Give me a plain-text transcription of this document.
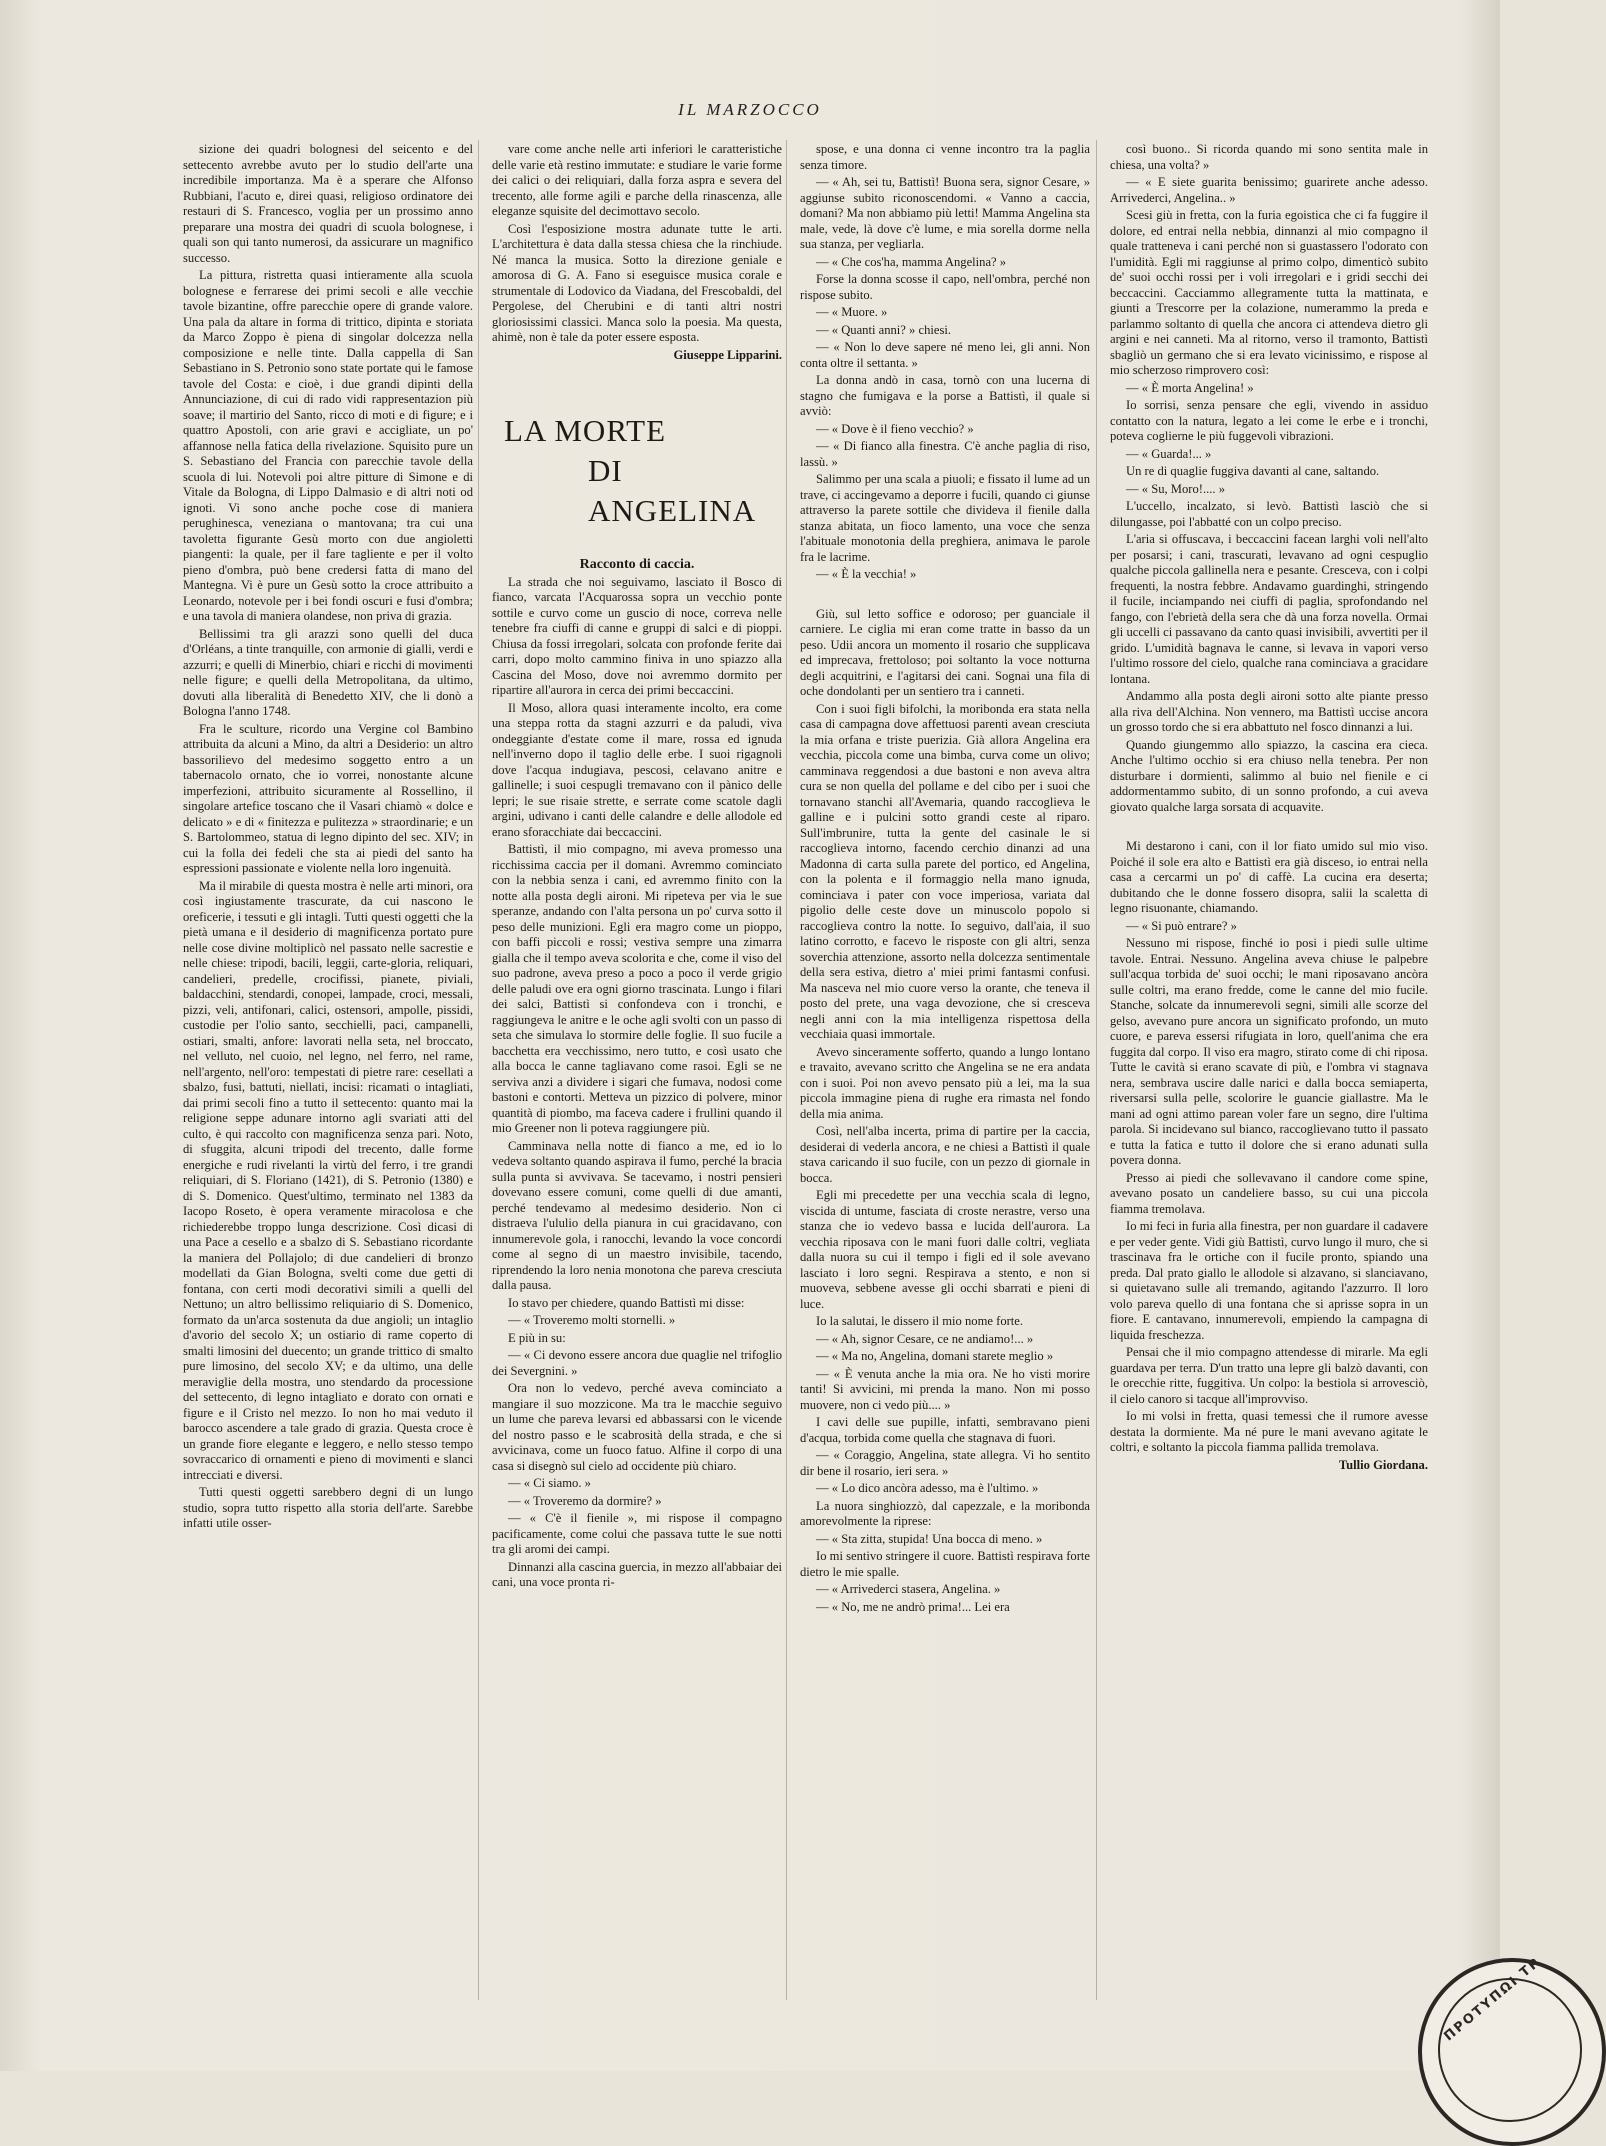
IL MARZOCCO

sizione dei quadri bolognesi del seicento e del settecento avrebbe avuto per lo studio dell'arte una incredibile importanza. Ma è a sperare che Alfonso Rubbiani, l'acuto e, direi quasi, religioso ordinatore dei restauri di S. Francesco, voglia per un prossimo anno preparare una mostra dei quadri di scuola bolognese, i quali son qui tanto numerosi, da assicurare un magnifico successo.

La pittura, ristretta quasi intieramente alla scuola bolognese e ferrarese dei primi secoli e alle vecchie tavole bizantine, offre parecchie opere di grande valore. Una pala da altare in forma di trittico, dipinta e storiata da Marco Zoppo è piena di singolar dolcezza nella composizione e nelle tinte. Dalla cappella di San Sebastiano in S. Petronio sono state portate qui le famose tavole del Costa: e cioè, i due grandi dipinti della Annunciazione, di cui di rado vidi rappresentazion più soave; il martirio del Santo, ricco di moti e di figure; e i quattro Apostoli, con arie gravi e accigliate, un po' affannose nella fatica della rivelazione. Squisito pure un S. Sebastiano del Francia con parecchie tavole della scuola di lui. Notevoli poi altre pitture di Simone e di Vitale da Bologna, di Lippo Dalmasio e di altri noti od ignoti. Vi sono anche poche cose di maniera perughinesca, veneziana o mantovana; tra cui una tavoletta figurante Gesù morto con due angioletti piangenti: la quale, per il fare tagliente e per il volto pieno d'ombra, può bene credersi fatta di mano del Mantegna. Vi è pure un Gesù sotto la croce attribuito a Leonardo, notevole per i bei fondi oscuri e fusi d'ombra; e una tavola di maniera olandese, non priva di grazia.

Bellissimi tra gli arazzi sono quelli del duca d'Orléans, a tinte tranquille, con armonie di gialli, verdi e azzurri; e quelli di Minerbio, chiari e ricchi di movimenti nelle figure; e quelli della Metropolitana, da ultimo, dovuti alla liberalità di Benedetto XIV, che li donò a Bologna l'anno 1748.

Fra le sculture, ricordo una Vergine col Bambino attribuita da alcuni a Mino, da altri a Desiderio: un altro bassorilievo del medesimo soggetto entro a un tabernacolo ornato, che io vorrei, nonostante alcune imperfezioni, attribuito sicuramente al Rossellino, il singolare artefice toscano che il Vasari chiamò « dolce e delicato » e di « finitezza e pulitezza » straordinarie; e un S. Bartolommeo, statua di legno dipinto del sec. XIV; in cui la folla dei fedeli che sta ai piedi del santo ha espressioni passionate e violente nella loro ingenuità.

Ma il mirabile di questa mostra è nelle arti minori, ora così ingiustamente trascurate, da cui nascono le oreficerie, i tessuti e gli intagli. Tutti questi oggetti che la pietà umana e il desiderio di magnificenza portato pure nelle cose divine moltiplicò nel passato nelle sacrestie e nelle chiese: tripodi, bacili, leggii, carte-gloria, reliquari, candelieri, predelle, crocifissi, pianete, piviali, baldacchini, stendardi, conopei, lampade, croci, messali, pizzi, veli, antifonari, calici, ostensori, ampolle, pissidi, custodie per l'olio santo, secchielli, paci, campanelli, ostiari, smalti, anfore: lavorati nella seta, nel broccato, nel velluto, nel cuoio, nel legno, nel ferro, nel rame, nell'argento, nell'oro: tempestati di pietre rare: cesellati a sbalzo, fusi, battuti, niellati, incisi: ricamati o intagliati, dai primi secoli fino a tutto il settecento: quanto mai la religione seppe adunare intorno agli svariati atti del culto, è qui raccolto con magnificenza senza pari. Noto, di sfuggita, alcuni tripodi del trecento, dalle forme energiche e rudi rivelanti la virtù del ferro, i tre grandi reliquiari, di S. Floriano (1421), di S. Petronio (1380) e di S. Domenico. Quest'ultimo, terminato nel 1383 da Iacopo Roseto, è opera veramente miracolosa e che richiederebbe troppo lunga descrizione. Così dicasi di una Pace a cesello e a sbalzo di S. Sebastiano ricordante la maniera del Pollajolo; di due candelieri di bronzo modellati da Gian Bologna, svelti come due getti di fontana, con certi modi decorativi simili a quelli del Nettuno; un altro bellissimo reliquiario di S. Domenico, formato da un'arca sostenuta da due angioli; un intaglio d'avorio del secolo X; un ostiario di rame coperto di smalti limosini del duecento; un grande trittico di smalto pure limosino, del secolo XV; e da ultimo, una delle meraviglie della mostra, uno stendardo da processione del settecento, di legno intagliato e dorato con ornati e figure e il Cristo nel mezzo. Io non ho mai veduto il barocco ascendere a tale grado di grazia. Questa croce è un grande fiore elegante e leggero, e nello stesso tempo sovraccarico di ornamenti e pieno di movimenti e slanci intrecciati e diversi.

Tutti questi oggetti sarebbero degni di un lungo studio, sopra tutto rispetto alla storia dell'arte. Sarebbe infatti utile osser-

vare come anche nelle arti inferiori le caratteristiche delle varie età restino immutate: e studiare le varie forme dei calici o dei reliquiari, dalla forza aspra e severa del trecento, alle forme agili e parche della rinascenza, alle eleganze squisite del decimottavo secolo.

Così l'esposizione mostra adunate tutte le arti. L'architettura è data dalla stessa chiesa che la rinchiude. Né manca la musica. Sotto la direzione geniale e amorosa di G. A. Fano si eseguisce musica corale e strumentale di Lodovico da Viadana, del Frescobaldi, del Pergolese, del Cherubini e di tanti altri nostri gloriosissimi classici. Manca solo la poesia. Ma questa, ahimè, non è tale da poter essere esposta.

Giuseppe Lipparini.

LA MORTE
DI ANGELINA

Racconto di caccia.

La strada che noi seguivamo, lasciato il Bosco di fianco, varcata l'Acquarossa sopra un vecchio ponte sottile e curvo come un guscio di noce, correva nelle tenebre fra ciuffi di canne e gruppi di salci e di pioppi. Chiusa da fossi irregolari, solcata con profonde ferite dai carri, dopo molto cammino finiva in uno spiazzo alla Cascina del Moso, dove noi avremmo dormito per ripartire all'aurora in cerca dei primi beccaccini.

Il Moso, allora quasi interamente incolto, era come una steppa rotta da stagni azzurri e da paludi, viva ondeggiante d'estate come il mare, rossa ed ignuda nell'inverno dopo il taglio delle erbe. I suoi rigagnoli dove l'acqua indugiava, pescosi, celavano anitre e gallinelle; i suoi cespugli tremavano con il pànico delle lepri; le sue risaie strette, e serrate come scatole dagli argini, udivano i canti delle calandre e delle allodole ed erano sforacchiate dai beccaccini.

Battistì, il mio compagno, mi aveva promesso una ricchissima caccia per il domani. Avremmo cominciato con la nebbia senza i cani, ed avremmo finito con la notte alla posta degli aironi. Mi ripeteva per via le sue speranze, andando con l'alta persona un po' curva sotto il peso delle munizioni. Egli era magro come un pioppo, con baffi piccoli e rossi; vestiva sempre una zimarra gialla che il tempo aveva scolorita e che, come il viso del suo padrone, aveva preso a poco a poco il verde grigio delle paludi ove era ogni giorno trascinata. Lungo i filari dei salci, Battistì si confondeva con i tronchi, e raggiungeva le anitre e le oche agli svolti con un passo di seta che simulava lo stormire delle foglie. Il suo fucile a bacchetta era vecchissimo, nero tutto, e così usato che alla bocca le canne tagliavano come rasoi. Egli se ne serviva anzi a dividere i sigari che fumava, nodosi come bastoni e contorti. Metteva un pizzico di polvere, minor quantità di piombo, ma faceva cadere i frullini quando il mio Greener non li poteva raggiungere più.

Camminava nella notte di fianco a me, ed io lo vedeva soltanto quando aspirava il fumo, perché la bracia sulla punta si avvivava. Se tacevamo, i nostri pensieri dovevano essere comuni, come quelli di due amanti, perché tendevamo al medesimo desiderio. Non ci distraeva l'ululio della pianura in cui gracidavano, con innumerevole gola, i ranocchi, levando la voce concordi come al segno di un maestro invisibile, tacendo, riprendendo la loro nenia monotona che pareva cresciuta dalla pausa.

Io stavo per chiedere, quando Battistì mi disse:

— « Troveremo molti stornelli. »

E più in su:

— « Ci devono essere ancora due quaglie nel trifoglio dei Severgnini. »

Ora non lo vedevo, perché aveva cominciato a mangiare il suo mozzicone. Ma tra le macchie seguivo un lume che pareva levarsi ed abbassarsi con le vicende del nostro passo e le scabrosità della strada, e che si avvicinava, come un fuoco fatuo. Alfine il corpo di una casa si disegnò sul cielo ad occidente più chiaro.

— « Ci siamo. »

— « Troveremo da dormire? »

— « C'è il fienile », mi rispose il compagno pacificamente, come colui che passava tutte le sue notti tra gli aromi dei campi.

Dinnanzi alla cascina guercia, in mezzo all'abbaiar dei cani, una voce pronta ri-

spose, e una donna ci venne incontro tra la paglia senza timore.

— « Ah, sei tu, Battistì! Buona sera, signor Cesare, » aggiunse subito riconoscendomi. « Vanno a caccia, domani? Ma non abbiamo più letti! Mamma Angelina sta male, vede, là dove c'è lume, e mia sorella dorme nella sua stanza, per vegliarla.

— « Che cos'ha, mamma Angelina? »

Forse la donna scosse il capo, nell'ombra, perché non rispose subito.

— « Muore. »

— « Quanti anni? » chiesi.

— « Non lo deve sapere né meno lei, gli anni. Non conta oltre il settanta. »

La donna andò in casa, tornò con una lucerna di stagno che fumigava e la porse a Battistì, il quale si avviò:

— « Dove è il fieno vecchio? »

— « Di fianco alla finestra. C'è anche paglia di riso, lassù. »

Salimmo per una scala a piuoli; e fissato il lume ad un trave, ci accingevamo a deporre i fucili, quando ci giunse attraverso la parete sottile che divideva il fienile dalla stanza abitata, un fioco lamento, una voce che senza l'abituale monotonia della preghiera, animava le parole fra le lacrime.

— « È la vecchia! »

Giù, sul letto soffice e odoroso; per guanciale il carniere. Le ciglia mi eran come tratte in basso da un peso. Udii ancora un momento il rosario che supplicava ed imprecava, frettoloso; poi soltanto la voce notturna degli acquitrini, e l'agitarsi dei cani. Sognai una fila di oche dondolanti per un sentiero tra i canneti.

Con i suoi figli bifolchi, la moribonda era stata nella casa di campagna dove affettuosi parenti avean cresciuta la mia orfana e triste puerizia. Già allora Angelina era vecchia, piccola come una bimba, curva come un olivo; camminava reggendosi a due bastoni e non aveva altra cura se non quella del pollame e del cibo per i suoi che tornavano stanchi all'Avemaria, quando raccoglieva le galline e i pulcini sotto grandi ceste al riparo. Sull'imbrunire, tutta la gente del casinale le si raccoglieva intorno, facendo cerchio dinanzi ad una Madonna di carta sulla parete del portico, ed Angelina, con la polenta e il formaggio nella mano ignuda, cominciava i pater con voce imperiosa, variata dal pigolio delle ceste dove un minuscolo popolo si raccoglieva contro la notte. Io seguivo, dall'aia, il suo latino corrotto, e facevo le risposte con gli altri, senza soverchia attenzione, assorto nella dolcezza sentimentale della sera estiva, dietro a' miei primi fantasmi confusi. Ma nasceva nel mio cuore verso la orante, che teneva il posto del prete, una vaga devozione, che si cresceva negli anni con la mia intelligenza rispettosa della vecchiaia quasi immortale.

Avevo sinceramente sofferto, quando a lungo lontano e travaito, avevano scritto che Angelina se ne era andata con i suoi. Poi non avevo pensato più a lei, ma la sua piccola immagine piena di rughe era rimasta nel fondo della mia anima.

Così, nell'alba incerta, prima di partire per la caccia, desiderai di vederla ancora, e ne chiesi a Battistì il quale stava caricando il suo fucile, con un pezzo di giornale in bocca.

Egli mi precedette per una vecchia scala di legno, viscida di untume, fasciata di croste nerastre, verso una stanza che io vedevo bassa e lucida dell'aurora. La vecchia riposava con le mani fuori dalle coltri, vegliata dalla nuora su cui il tempo i figli ed il sole avevano lasciato i loro segni. Respirava a stento, e non si muoveva, sebbene avesse gli occhi sbarrati e pieni di luce.

Io la salutai, le dissero il mio nome forte.

— « Ah, signor Cesare, ce ne andiamo!... »

— « Ma no, Angelina, domani starete meglio »

— « È venuta anche la mia ora. Ne ho visti morire tanti! Si avvicini, mi prenda la mano. Non mi posso muovere, non ci vedo più.... »

I cavi delle sue pupille, infatti, sembravano pieni d'acqua, torbida come quella che stagnava di fuori.

— « Coraggio, Angelina, state allegra. Vi ho sentito dir bene il rosario, ieri sera. »

— « Lo dico ancòra adesso, ma è l'ultimo. »

La nuora singhiozzò, dal capezzale, e la moribonda amorevolmente la riprese:

— « Sta zitta, stupida! Una bocca di meno. »

Io mi sentivo stringere il cuore. Battistì respirava forte dietro le mie spalle.

— « Arrivederci stasera, Angelina. »

— « No, me ne andrò prima!... Lei era

così buono.. Si ricorda quando mi sono sentita male in chiesa, una volta? »

— « E siete guarita benissimo; guarirete anche adesso. Arrivederci, Angelina.. »

Scesi giù in fretta, con la furia egoistica che ci fa fuggire il dolore, ed entrai nella nebbia, dinnanzi al mio compagno il quale tratteneva i cani perché non si guastassero l'odorato con l'umidità. Egli mi raggiunse al primo colpo, dimenticò subito de' suoi occhi rossi per i voli irregolari e i gridi secchi dei beccaccini. Cacciammo allegramente tutta la mattinata, e giunti a Trescorre per la colazione, numerammo la preda e parlammo soltanto di quella che ancora ci attendeva dietro gli argini e nei canneti. Ma al ritorno, verso il tramonto, Battistì sbagliò un germano che si era levato vicinissimo, e rispose al mio scherzoso rimprovero così:

— « È morta Angelina! »

Io sorrisi, senza pensare che egli, vivendo in assiduo contatto con la natura, legato a lei come le erbe e i tronchi, poteva coglierne le più fuggevoli vibrazioni.

— « Guarda!... »

Un re di quaglie fuggiva davanti al cane, saltando.

— « Su, Moro!.... »

L'uccello, incalzato, si levò. Battistì lasciò che si dilungasse, poi l'abbatté con un colpo preciso.

L'aria si offuscava, i beccaccini facean larghi voli nell'alto per posarsi; i cani, trascurati, levavano ad ogni cespuglio qualche piccola gallinella nera e pesante. Cresceva, con i colpi frequenti, la nostra febbre. Andavamo guardinghi, stringendo il fucile, inciampando nei ciuffi di paglia, sprofondando nel fango, con l'ebrietà della sera che dà una forza novella. Ormai gli uccelli ci passavano da canto quasi invisibili, avvertiti per il grido. L'umidità bagnava le canne, si levava in vapori verso l'ultimo rossore del cielo, qualche rana cominciava a gracidare lontana.

Andammo alla posta degli aironi sotto alte piante presso alla riva dell'Alchina. Non vennero, ma Battistì uccise ancora un grosso tordo che si era abbattuto nel fosco dinnanzi a lui.

Quando giungemmo allo spiazzo, la cascina era cieca. Anche l'ultimo occhio si era chiuso nella tenebra. Per non disturbare i dormienti, salimmo al buio nel fienile e ci addormentammo subito, di un sonno profondo, a cui aveva giovato qualche larga sorsata di acquavite.

Mi destarono i cani, con il lor fiato umido sul mio viso. Poiché il sole era alto e Battistì era già disceso, io entrai nella casa a cercarmi un po' di caffè. La cucina era deserta; dubitando che le donne fossero disopra, salii la scaletta di legno risuonante, chiamando.

— « Si può entrare? »

Nessuno mi rispose, finché io posi i piedi sulle ultime tavole. Entrai. Nessuno. Angelina aveva chiuse le palpebre sull'acqua torbida de' suoi occhi; le mani riposavano ancòra sulle coltri, ma erano fredde, come le canne del mio fucile. Stanche, solcate da innumerevoli segni, simili alle scorze del gelso, avevano pure ancora un significato profondo, un muto cuore, e pareva essersi rifugiata in loro, quell'anima che era fuggita dal corpo. Il viso era magro, stirato come di chi riposa. Tutte le cavità si erano scavate di più, e l'ombra vi stagnava nera, sembrava uscire dalle narici e dalla bocca semiaperta, riversarsi sulla pelle, scolorire le guancie giallastre. Ma le mani ad ogni attimo parean voler fare un segno, dire l'ultima parola. Si incidevano sul bianco, raccoglievano tutto il passato e tutta la fatica e tutto il dolore che si erano adunati sulla povera donna.

Presso ai piedi che sollevavano il candore come spine, avevano posato un candeliere basso, su cui una piccola fiamma tremolava.

Io mi feci in furia alla finestra, per non guardare il cadavere e per veder gente. Vidi giù Battistì, curvo lungo il muro, che si trascinava fra le ortiche con il fucile pronto, spiando una preda. Dal prato giallo le allodole si alzavano, si slanciavano, si quietavano sulle ali tremando, agitando l'azzurro. Il loro volo pareva quello di una fontana che si aprisse sopra in un fiore. E cantavano, innumerevoli, empiendo la campagna di liquida freschezza.

Pensai che il mio compagno attendesse di mirarle. Ma egli guardava per terra. D'un tratto una lepre gli balzò davanti, con le orecchie ritte, fuggitiva. Un colpo: la bestiola si arrovesciò, il cielo canoro si tacque all'improvviso.

Io mi volsi in fretta, quasi temessi che il rumore avesse destata la dormiente. Ma né pure le mani avevano agitate le coltri, e soltanto la piccola fiamma pallida tremolava.

Tullio Giordana.

ΠΡΟΤΥΠΩΙ ΤΡ
